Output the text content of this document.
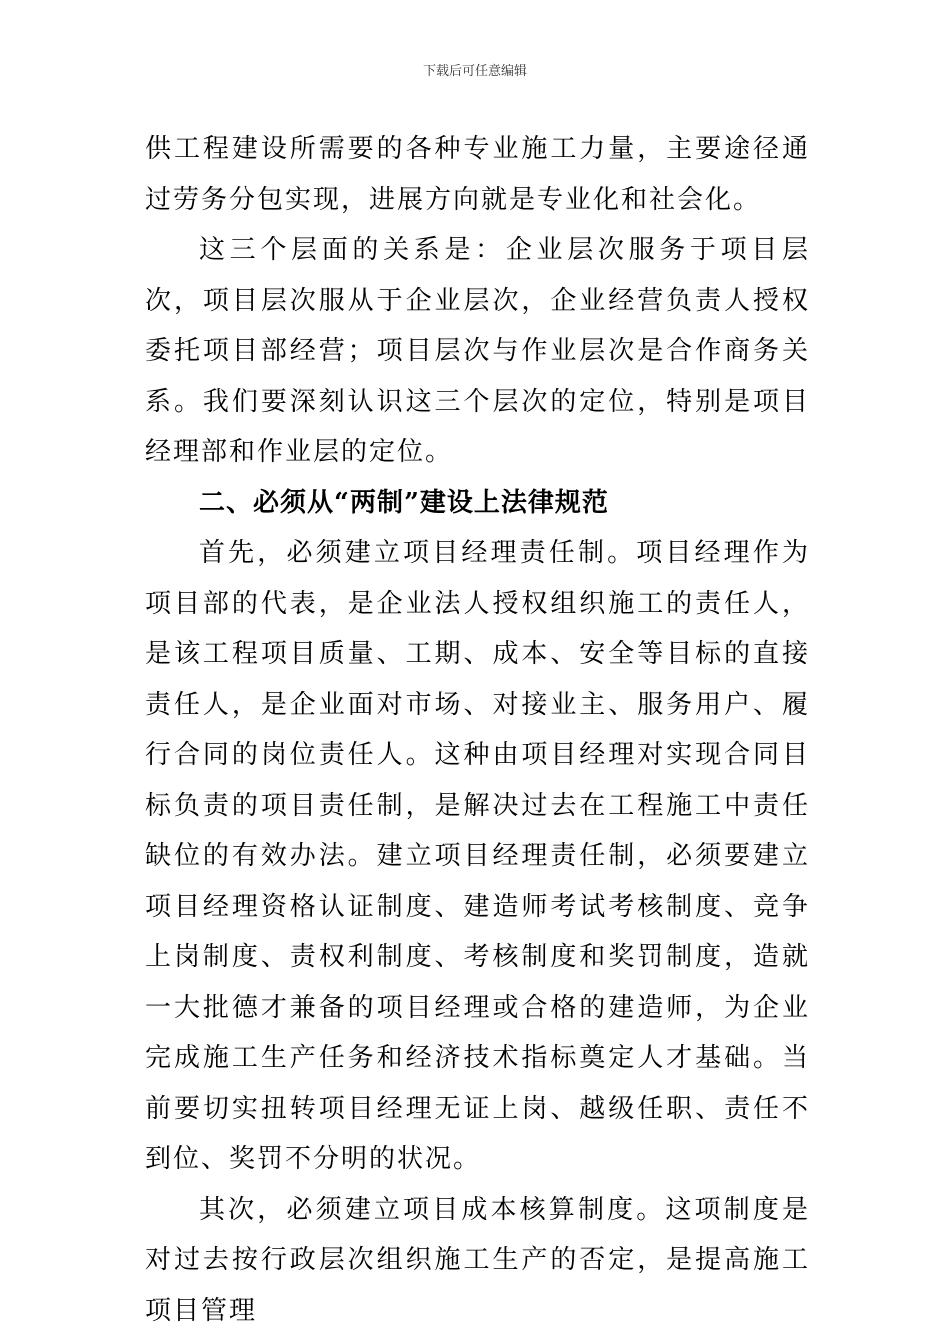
下载后可任意编辑

供工程建设所需要的各种专业施工力量，主要途径通过劳务分包实现，进展方向就是专业化和社会化。

这三个层面的关系是：企业层次服务于项目层次，项目层次服从于企业层次，企业经营负责人授权委托项目部经营；项目层次与作业层次是合作商务关系。我们要深刻认识这三个层次的定位，特别是项目经理部和作业层的定位。

二、必须从“两制”建设上法律规范

首先，必须建立项目经理责任制。项目经理作为项目部的代表，是企业法人授权组织施工的责任人，是该工程项目质量、工期、成本、安全等目标的直接责任人，是企业面对市场、对接业主、服务用户、履行合同的岗位责任人。这种由项目经理对实现合同目标负责的项目责任制，是解决过去在工程施工中责任缺位的有效办法。建立项目经理责任制，必须要建立项目经理资格认证制度、建造师考试考核制度、竞争上岗制度、责权利制度、考核制度和奖罚制度，造就一大批德才兼备的项目经理或合格的建造师，为企业完成施工生产任务和经济技术指标奠定人才基础。当前要切实扭转项目经理无证上岗、越级任职、责任不到位、奖罚不分明的状况。

其次，必须建立项目成本核算制度。这项制度是对过去按行政层次组织施工生产的否定，是提高施工项目管理
